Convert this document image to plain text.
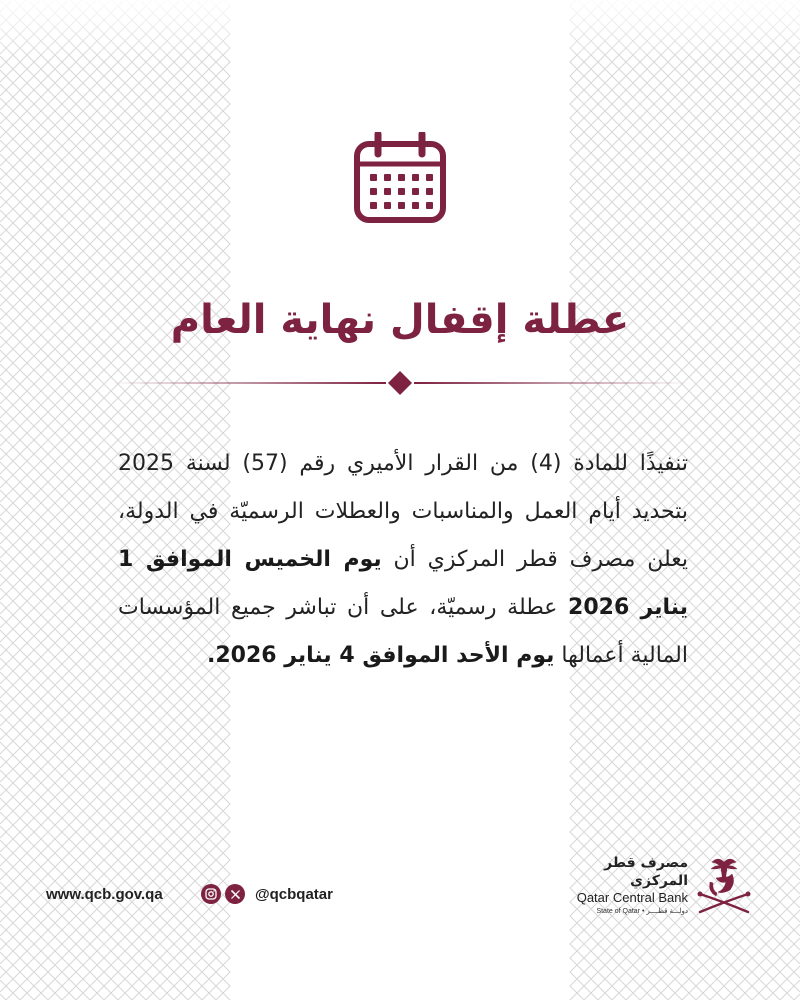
عطلة إقفال نهاية العام
تنفيذًا للمادة (4) من القرار الأميري رقم (57) لسنة 2025 بتحديد أيام العمل والمناسبات والعطلات الرسميّة في الدولة، يعلن مصرف قطر المركزي أن يوم الخميس الموافق 1 يناير 2026 عطلة رسميّة، على أن تباشر جميع المؤسسات المالية أعمالها يوم الأحد الموافق 4 يناير 2026.
www.qcb.gov.qa	@qcbqatar
مصرف قطر المركزي
Qatar Central Bank
State of Qatar • دولـــة قطــــر
